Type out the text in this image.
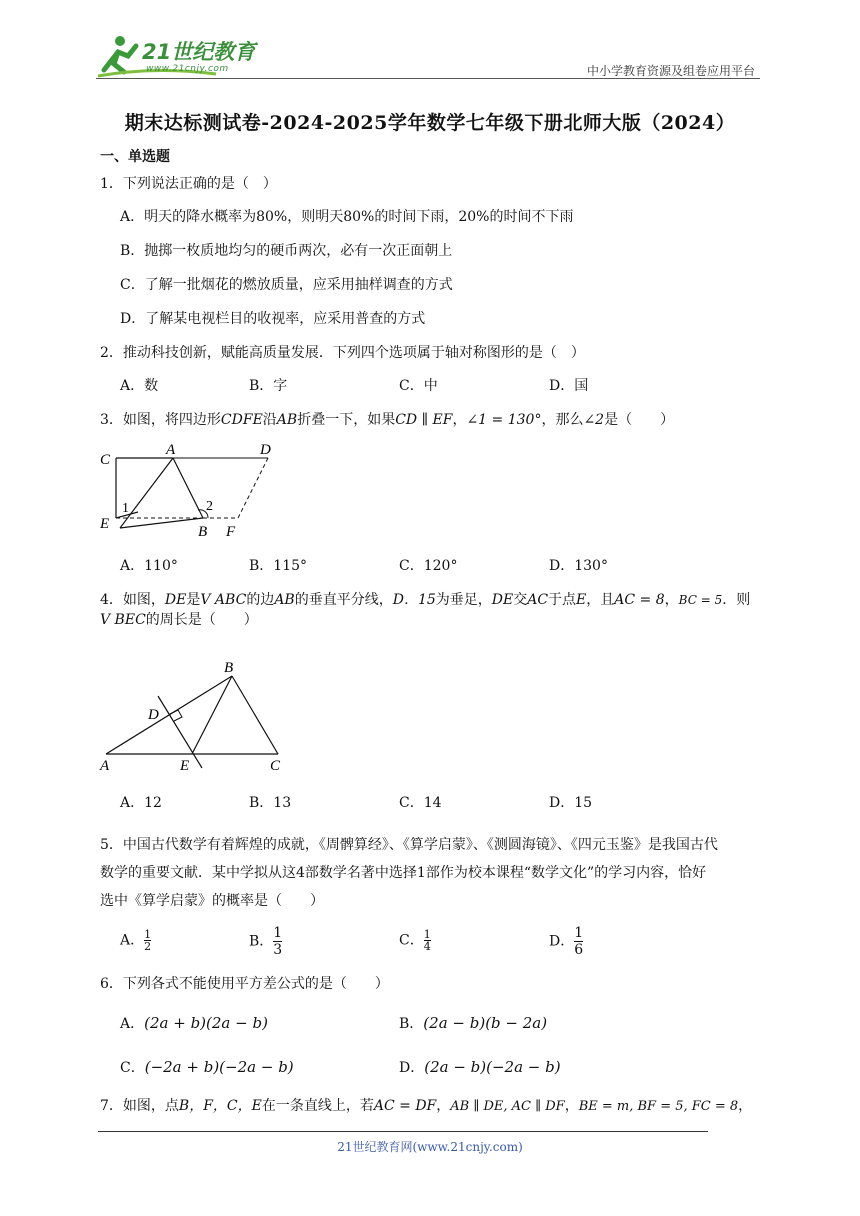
21世纪教育
www.21cnjy.com	中小学教育资源及组卷应用平台
期末达标测试卷-2024-2025学年数学七年级下册北师大版（2024）
一、单选题
1．下列说法正确的是（　）
A．明天的降水概率为80%，则明天80%的时间下雨，20%的时间不下雨
B．抛掷一枚质地均匀的硬币两次，必有一次正面朝上
C．了解一批烟花的燃放质量，应采用抽样调查的方式
D．了解某电视栏目的收视率，应采用普查的方式
2．推动科技创新，赋能高质量发展．下列四个选项属于轴对称图形的是（　）
A．数	B．字	C．中	D．国
3．如图，将四边形CDFE沿AB折叠一下，如果CD ∥ EF，∠1 = 130°，那么∠2是（　　）
C
A	D
E	B F
1	2
A．110°	B．115°	C．120°	D．130°
4．如图，DE是V ABC的边AB的垂直平分线，D．15为垂足，DE交AC于点E，且AC = 8，BC = 5．则
V BEC的周长是（　　）
B
D
A	E	C
A．12	B．13	C．14	D．15
5．中国古代数学有着辉煌的成就，《周髀算经》、《算学启蒙》、《测圆海镜》、《四元玉鉴》是我国古代
数学的重要文献．某中学拟从这4部数学名著中选择1部作为校本课程“数学文化”的学习内容，恰好
选中《算学启蒙》的概率是（　　）
A． $\frac{1}{2}$	B． $\frac{1}{3}$	C． $\frac{1}{4}$	D． $\frac{1}{6}$
6．下列各式不能使用平方差公式的是（　　）
A．(2a + b)(2a − b)	B．(2a − b)(b − 2a)
C．(−2a + b)(−2a − b)	D．(2a − b)(−2a − b)
7．如图，点B，F，C，E在一条直线上，若AC = DF，AB ∥ DE, AC ∥ DF，BE = m, BF = 5, FC = 8，
21世纪教育网(www.21cnjy.com)
